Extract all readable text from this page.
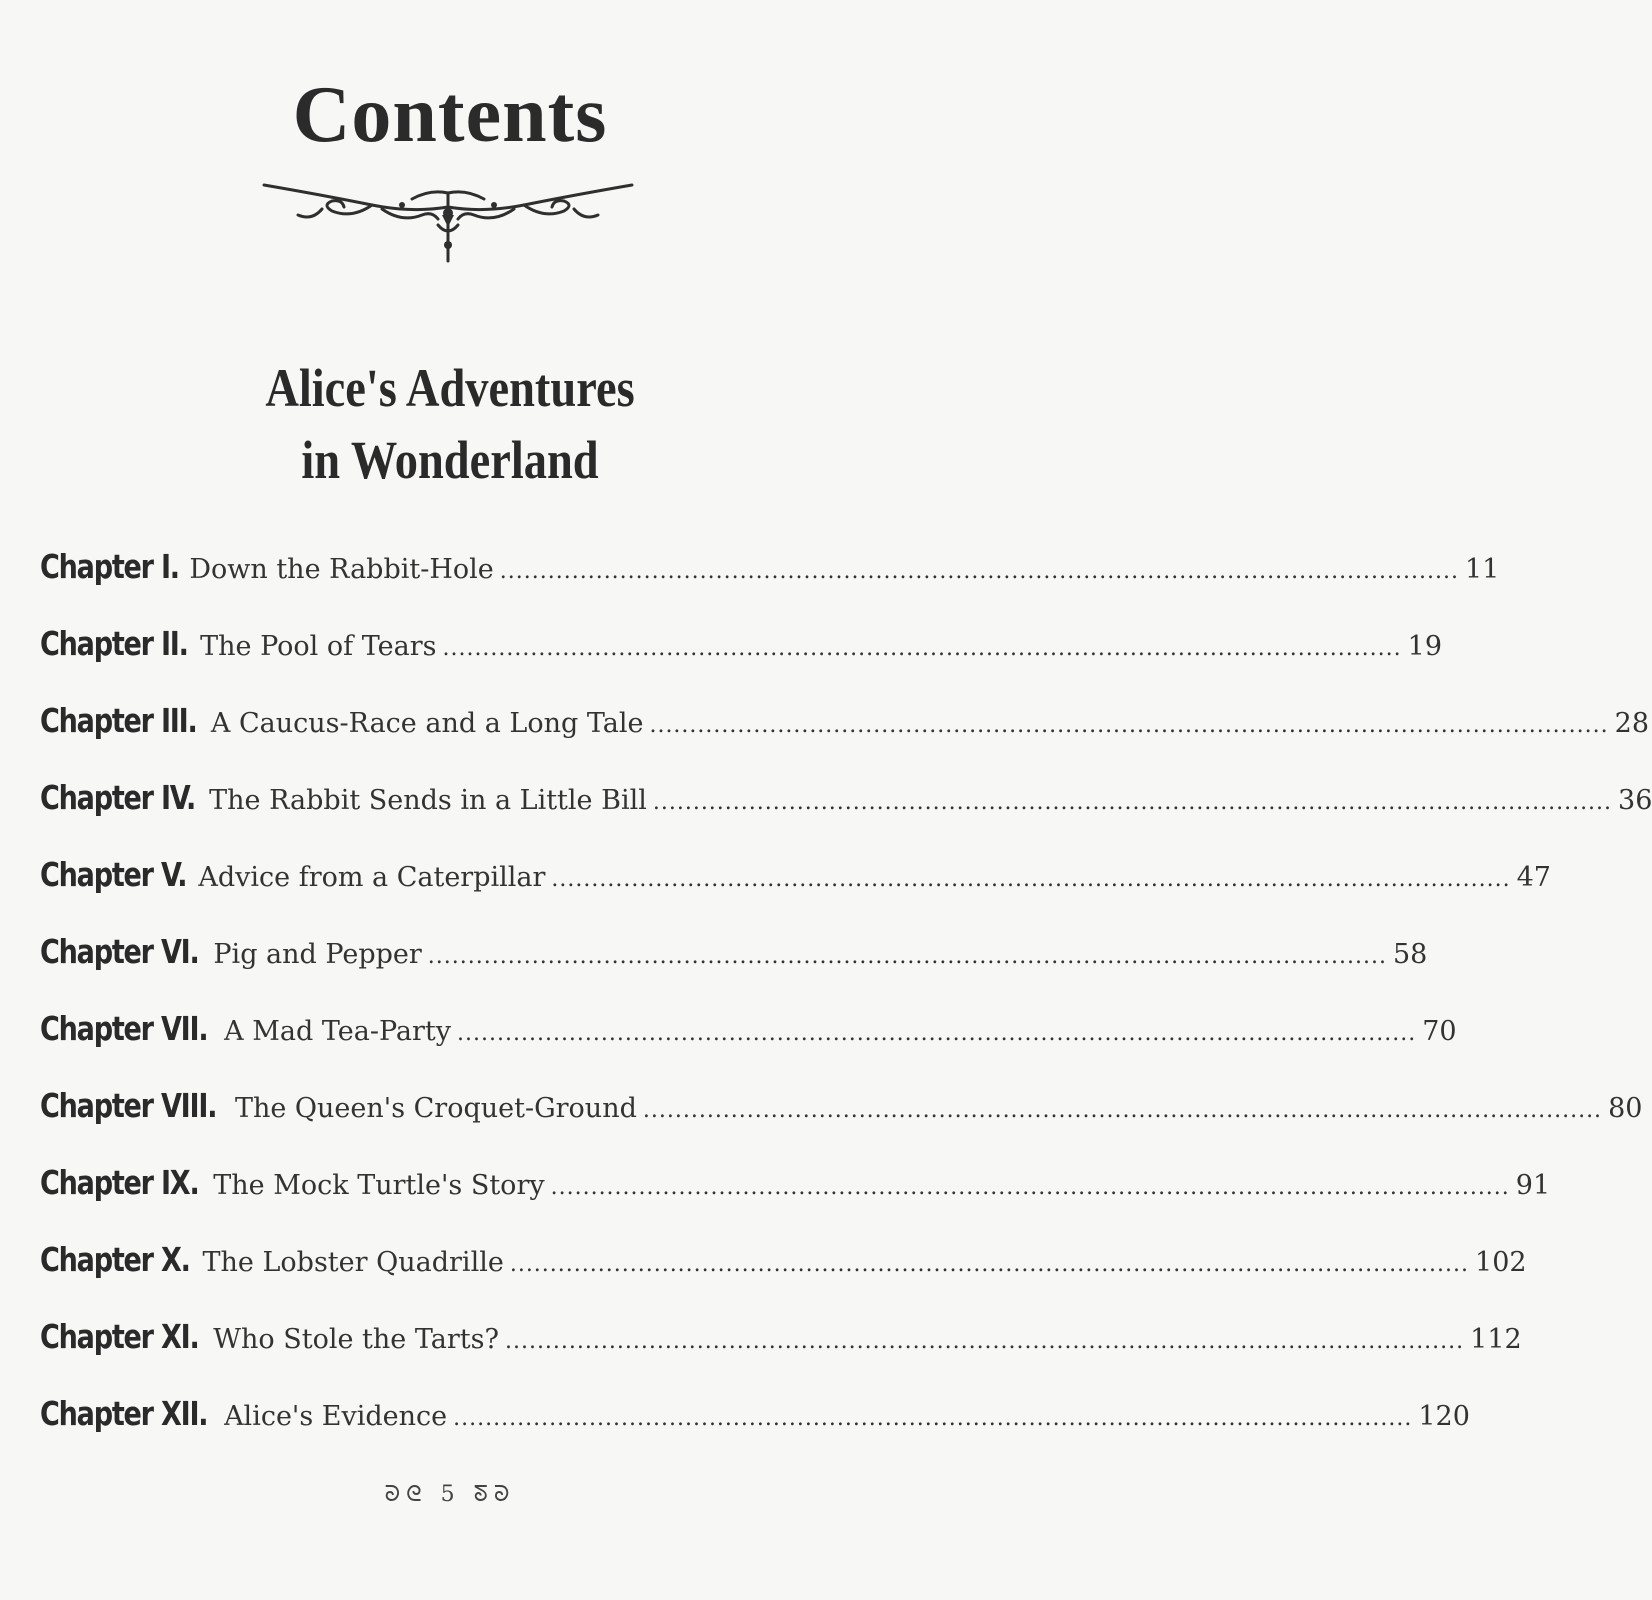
Contents
Alice's Adventures
in Wonderland
Chapter I. Down the Rabbit-Hole ........................................................................................................................ 11
Chapter II. The Pool of Tears ........................................................................................................................ 19
Chapter III. A Caucus-Race and a Long Tale ........................................................................................................................ 28
Chapter IV. The Rabbit Sends in a Little Bill ........................................................................................................................ 36
Chapter V. Advice from a Caterpillar ........................................................................................................................ 47
Chapter VI. Pig and Pepper ........................................................................................................................ 58
Chapter VII. A Mad Tea-Party ........................................................................................................................ 70
Chapter VIII. The Queen's Croquet-Ground ........................................................................................................................ 80
Chapter IX. The Mock Turtle's Story ........................................................................................................................ 91
Chapter X. The Lobster Quadrille ........................................................................................................................ 102
Chapter XI. Who Stole the Tarts? ........................................................................................................................ 112
Chapter XII. Alice's Evidence ........................................................................................................................ 120
ᘐᘓ 5 ᘕᘐ
